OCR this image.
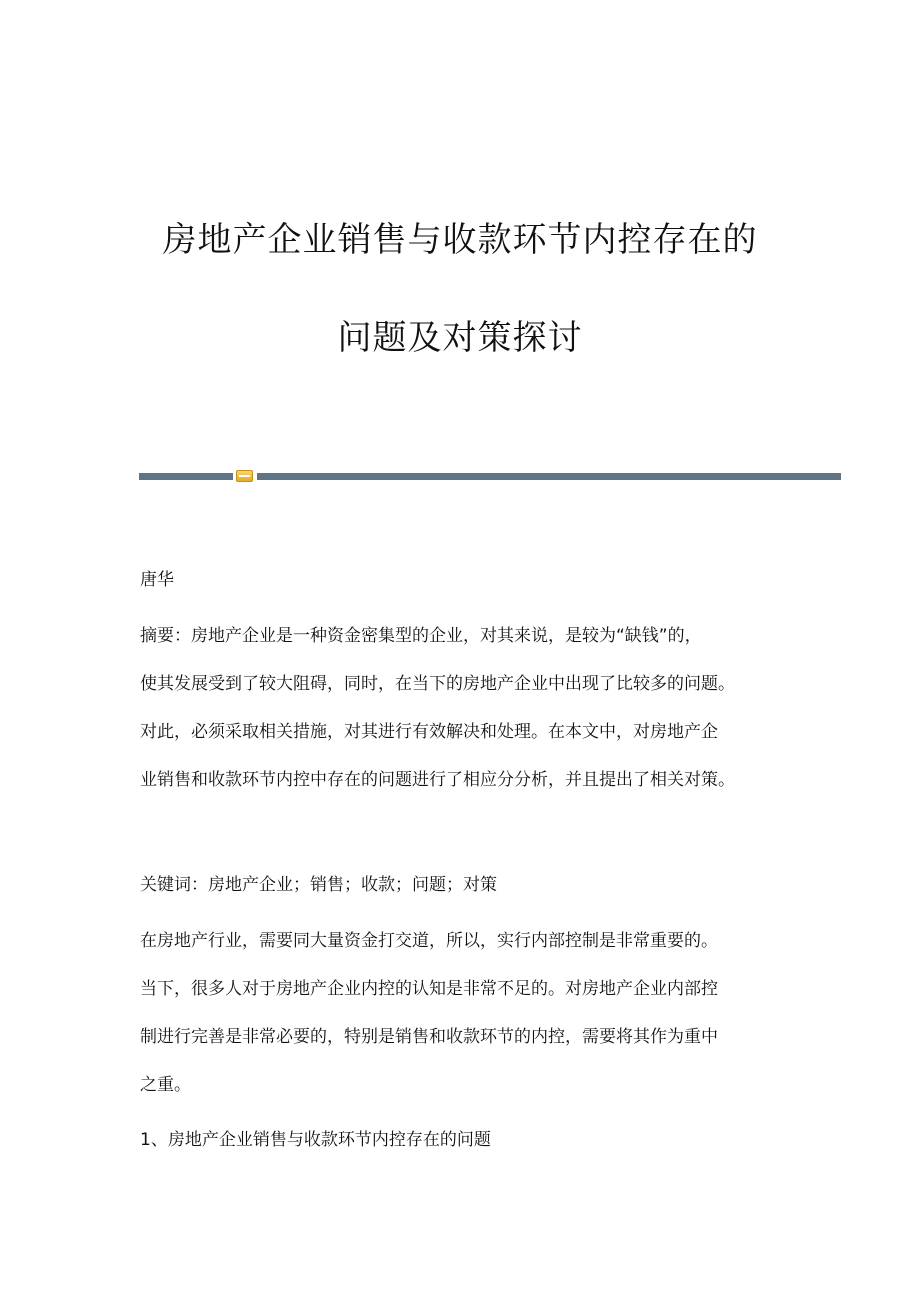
房地产企业销售与收款环节内控存在的
问题及对策探讨
唐华
摘要：房地产企业是一种资金密集型的企业，对其来说，是较为“缺钱”的，
使其发展受到了较大阻碍，同时，在当下的房地产企业中出现了比较多的问题。
对此，必须采取相关措施，对其进行有效解决和处理。在本文中，对房地产企
业销售和收款环节内控中存在的问题进行了相应分分析，并且提出了相关对策。
关键词：房地产企业；销售；收款；问题；对策
在房地产行业，需要同大量资金打交道，所以，实行内部控制是非常重要的。
当下，很多人对于房地产企业内控的认知是非常不足的。对房地产企业内部控
制进行完善是非常必要的，特别是销售和收款环节的内控，需要将其作为重中
之重。
1、房地产企业销售与收款环节内控存在的问题
